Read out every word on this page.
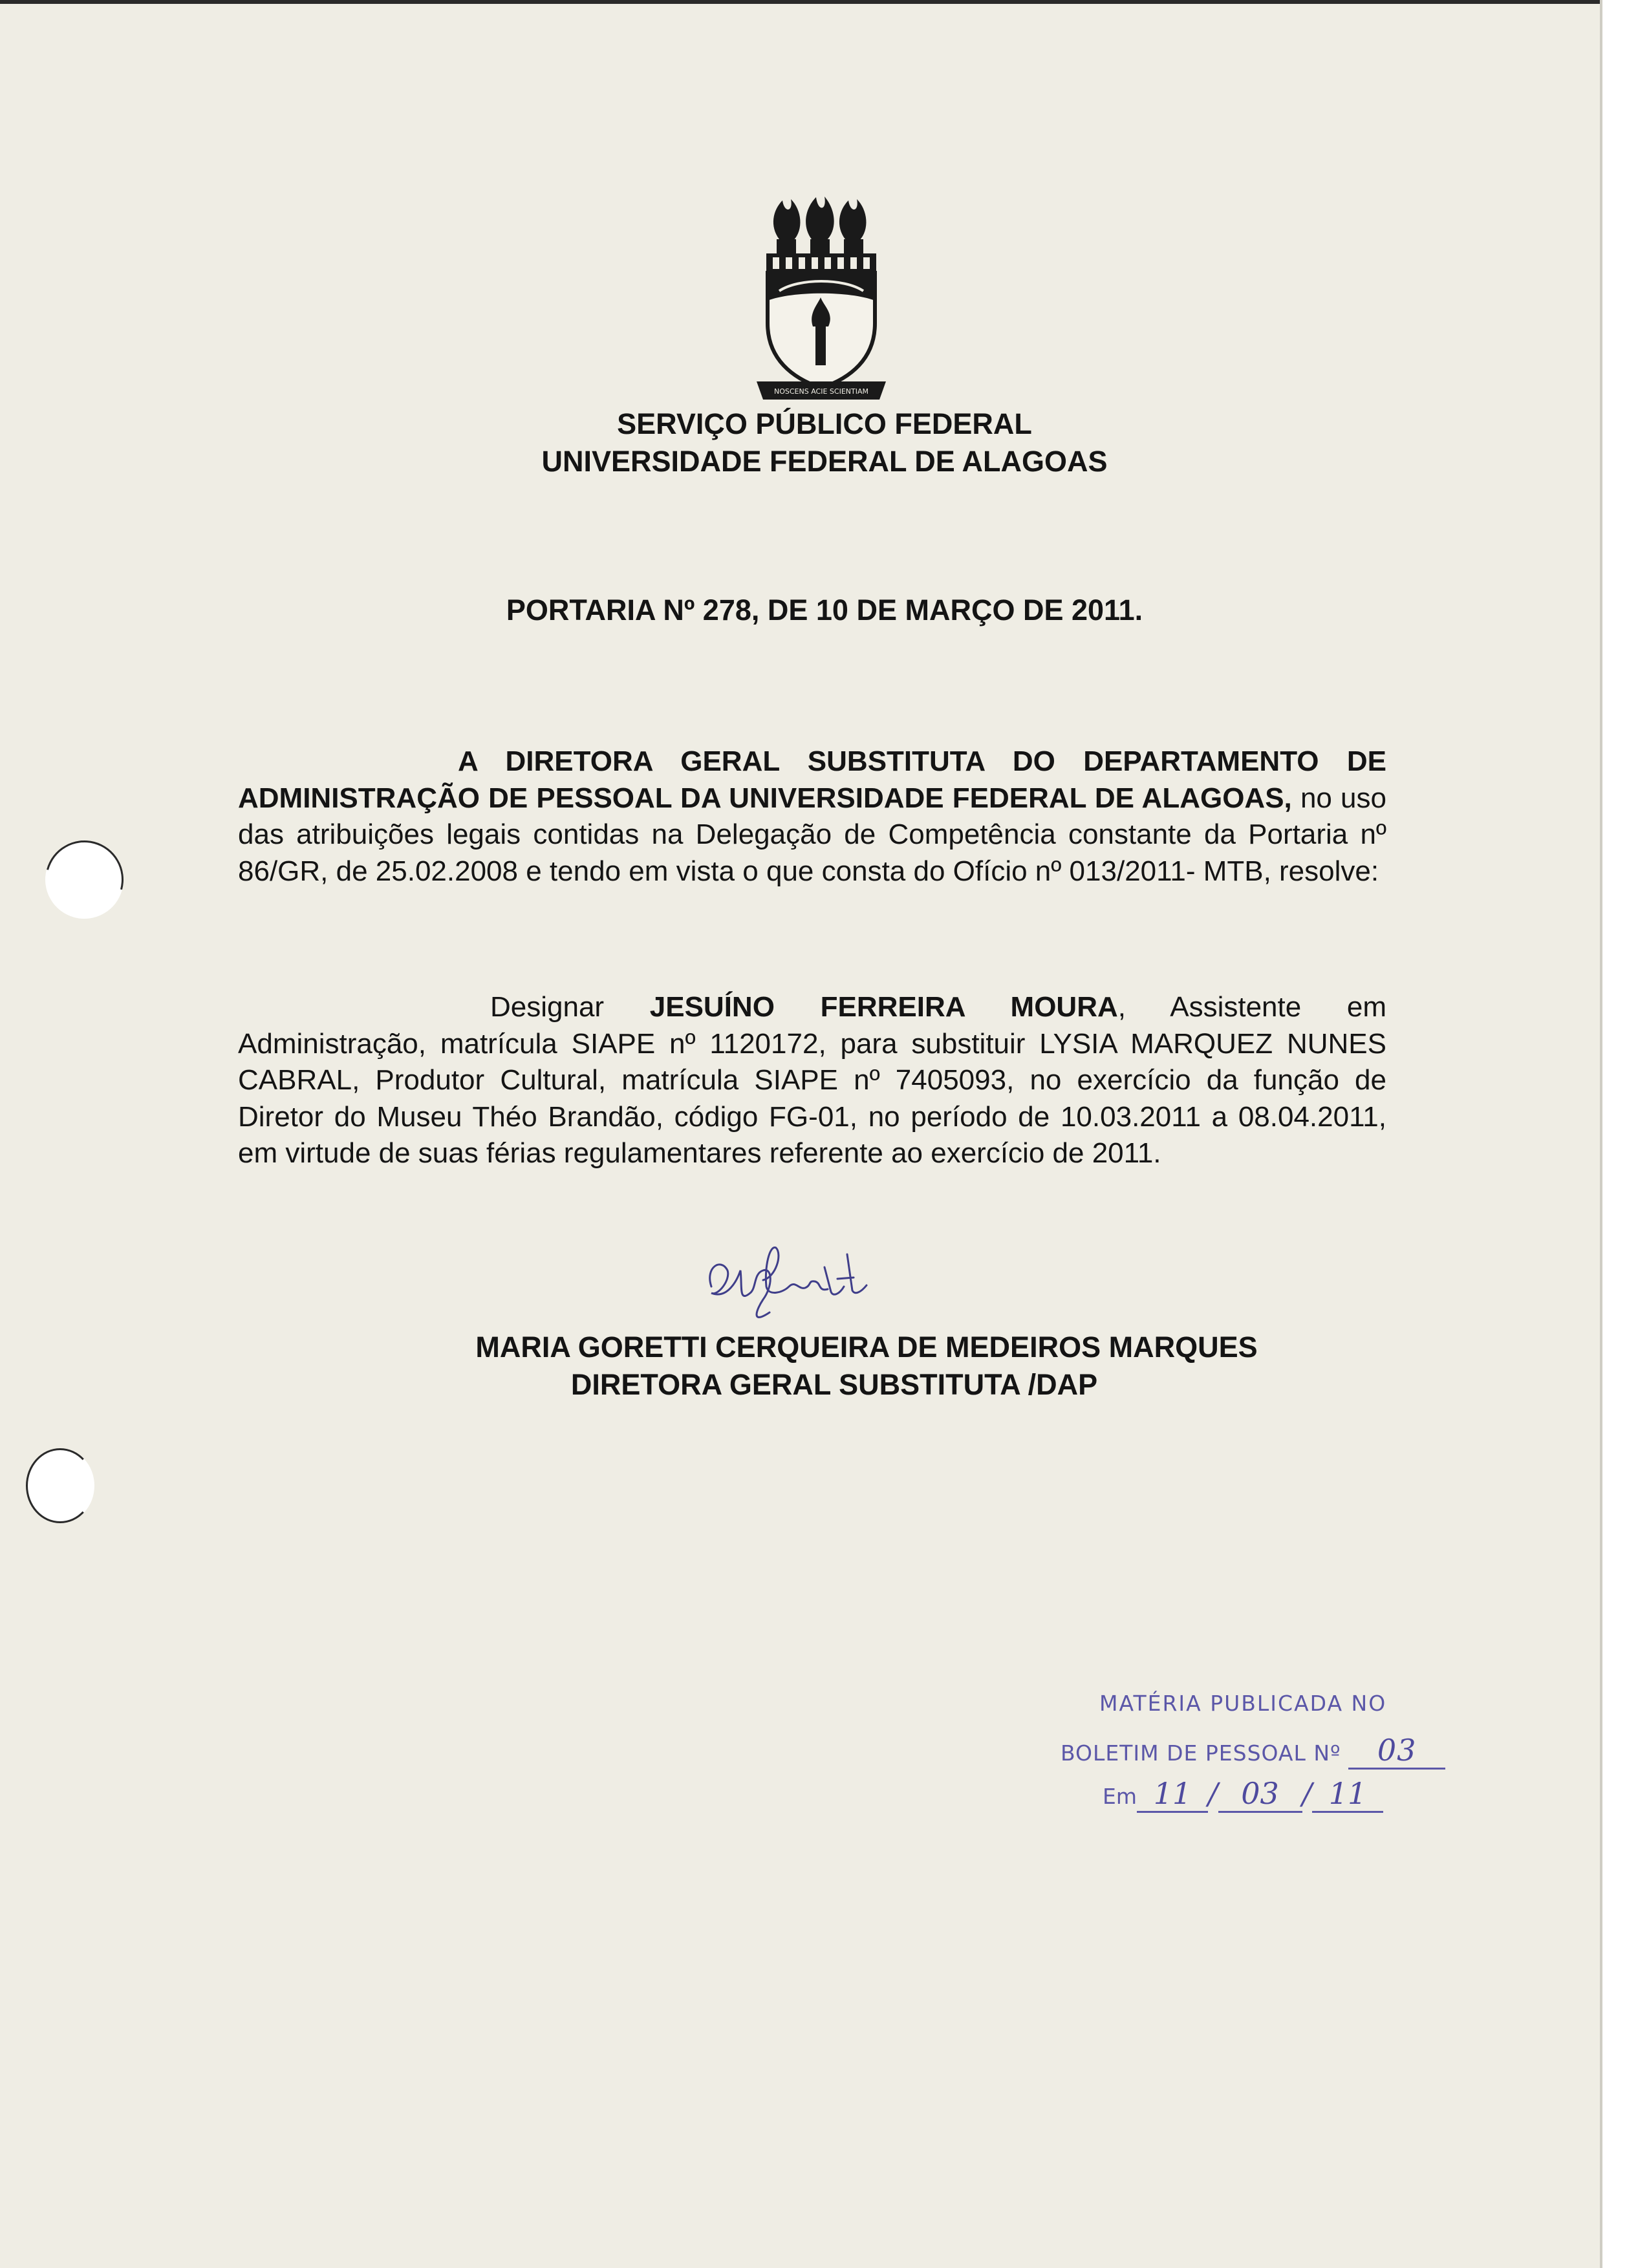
NOSCENS ACIE SCIENTIAM
SERVIÇO PÚBLICO FEDERAL
UNIVERSIDADE FEDERAL DE ALAGOAS
PORTARIA Nº 278, DE 10 DE MARÇO DE 2011.
A DIRETORA GERAL SUBSTITUTA DO DEPARTAMENTO DE ADMINISTRAÇÃO DE PESSOAL DA UNIVERSIDADE FEDERAL DE ALAGOAS, no uso das atribuições legais contidas na Delegação de Competência constante da Portaria nº 86/GR, de 25.02.2008 e tendo em vista o que consta do Ofício nº 013/2011- MTB, resolve:
Designar JESUÍNO FERREIRA MOURA, Assistente em Administração, matrícula SIAPE nº 1120172, para substituir LYSIA MARQUEZ NUNES CABRAL, Produtor Cultural, matrícula SIAPE nº 7405093, no exercício da função de Diretor do Museu Théo Brandão, código FG-01, no período de 10.03.2011 a 08.04.2011, em virtude de suas férias regulamentares referente ao exercício de 2011.
MARIA GORETTI CERQUEIRA DE MEDEIROS MARQUES
DIRETORA GERAL SUBSTITUTA /DAP
MATÉRIA PUBLICADA NO
BOLETIM DE PESSOAL Nº 03
Em 11 / 03 / 11
